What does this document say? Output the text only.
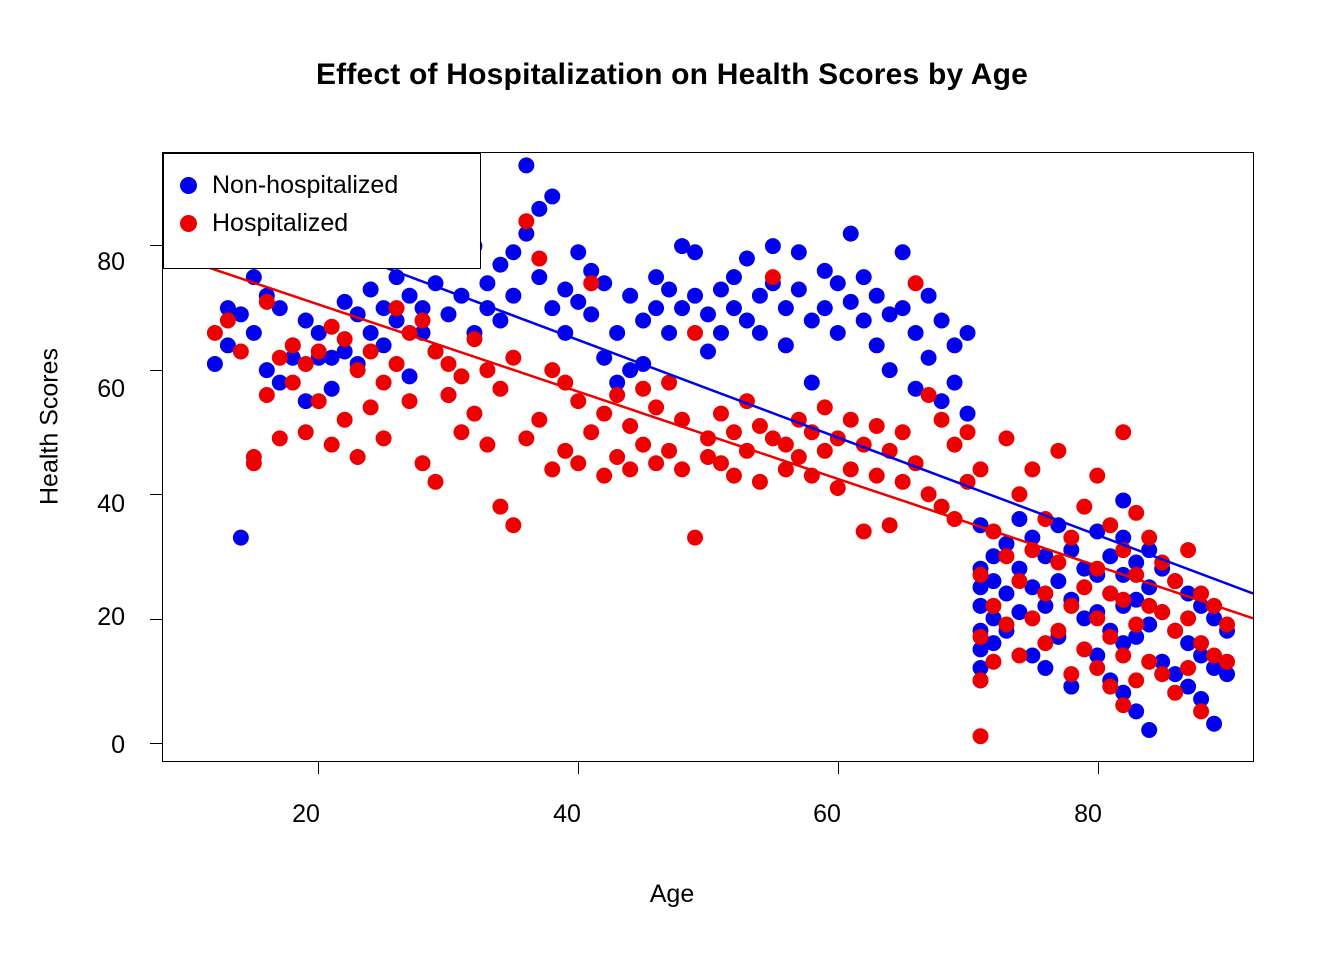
Effect of Hospitalization on Health Scores by Age
Non-hospitalized
Hospitalized
20	40	60	80
0
20
40
60
80
Age
Health Scores
